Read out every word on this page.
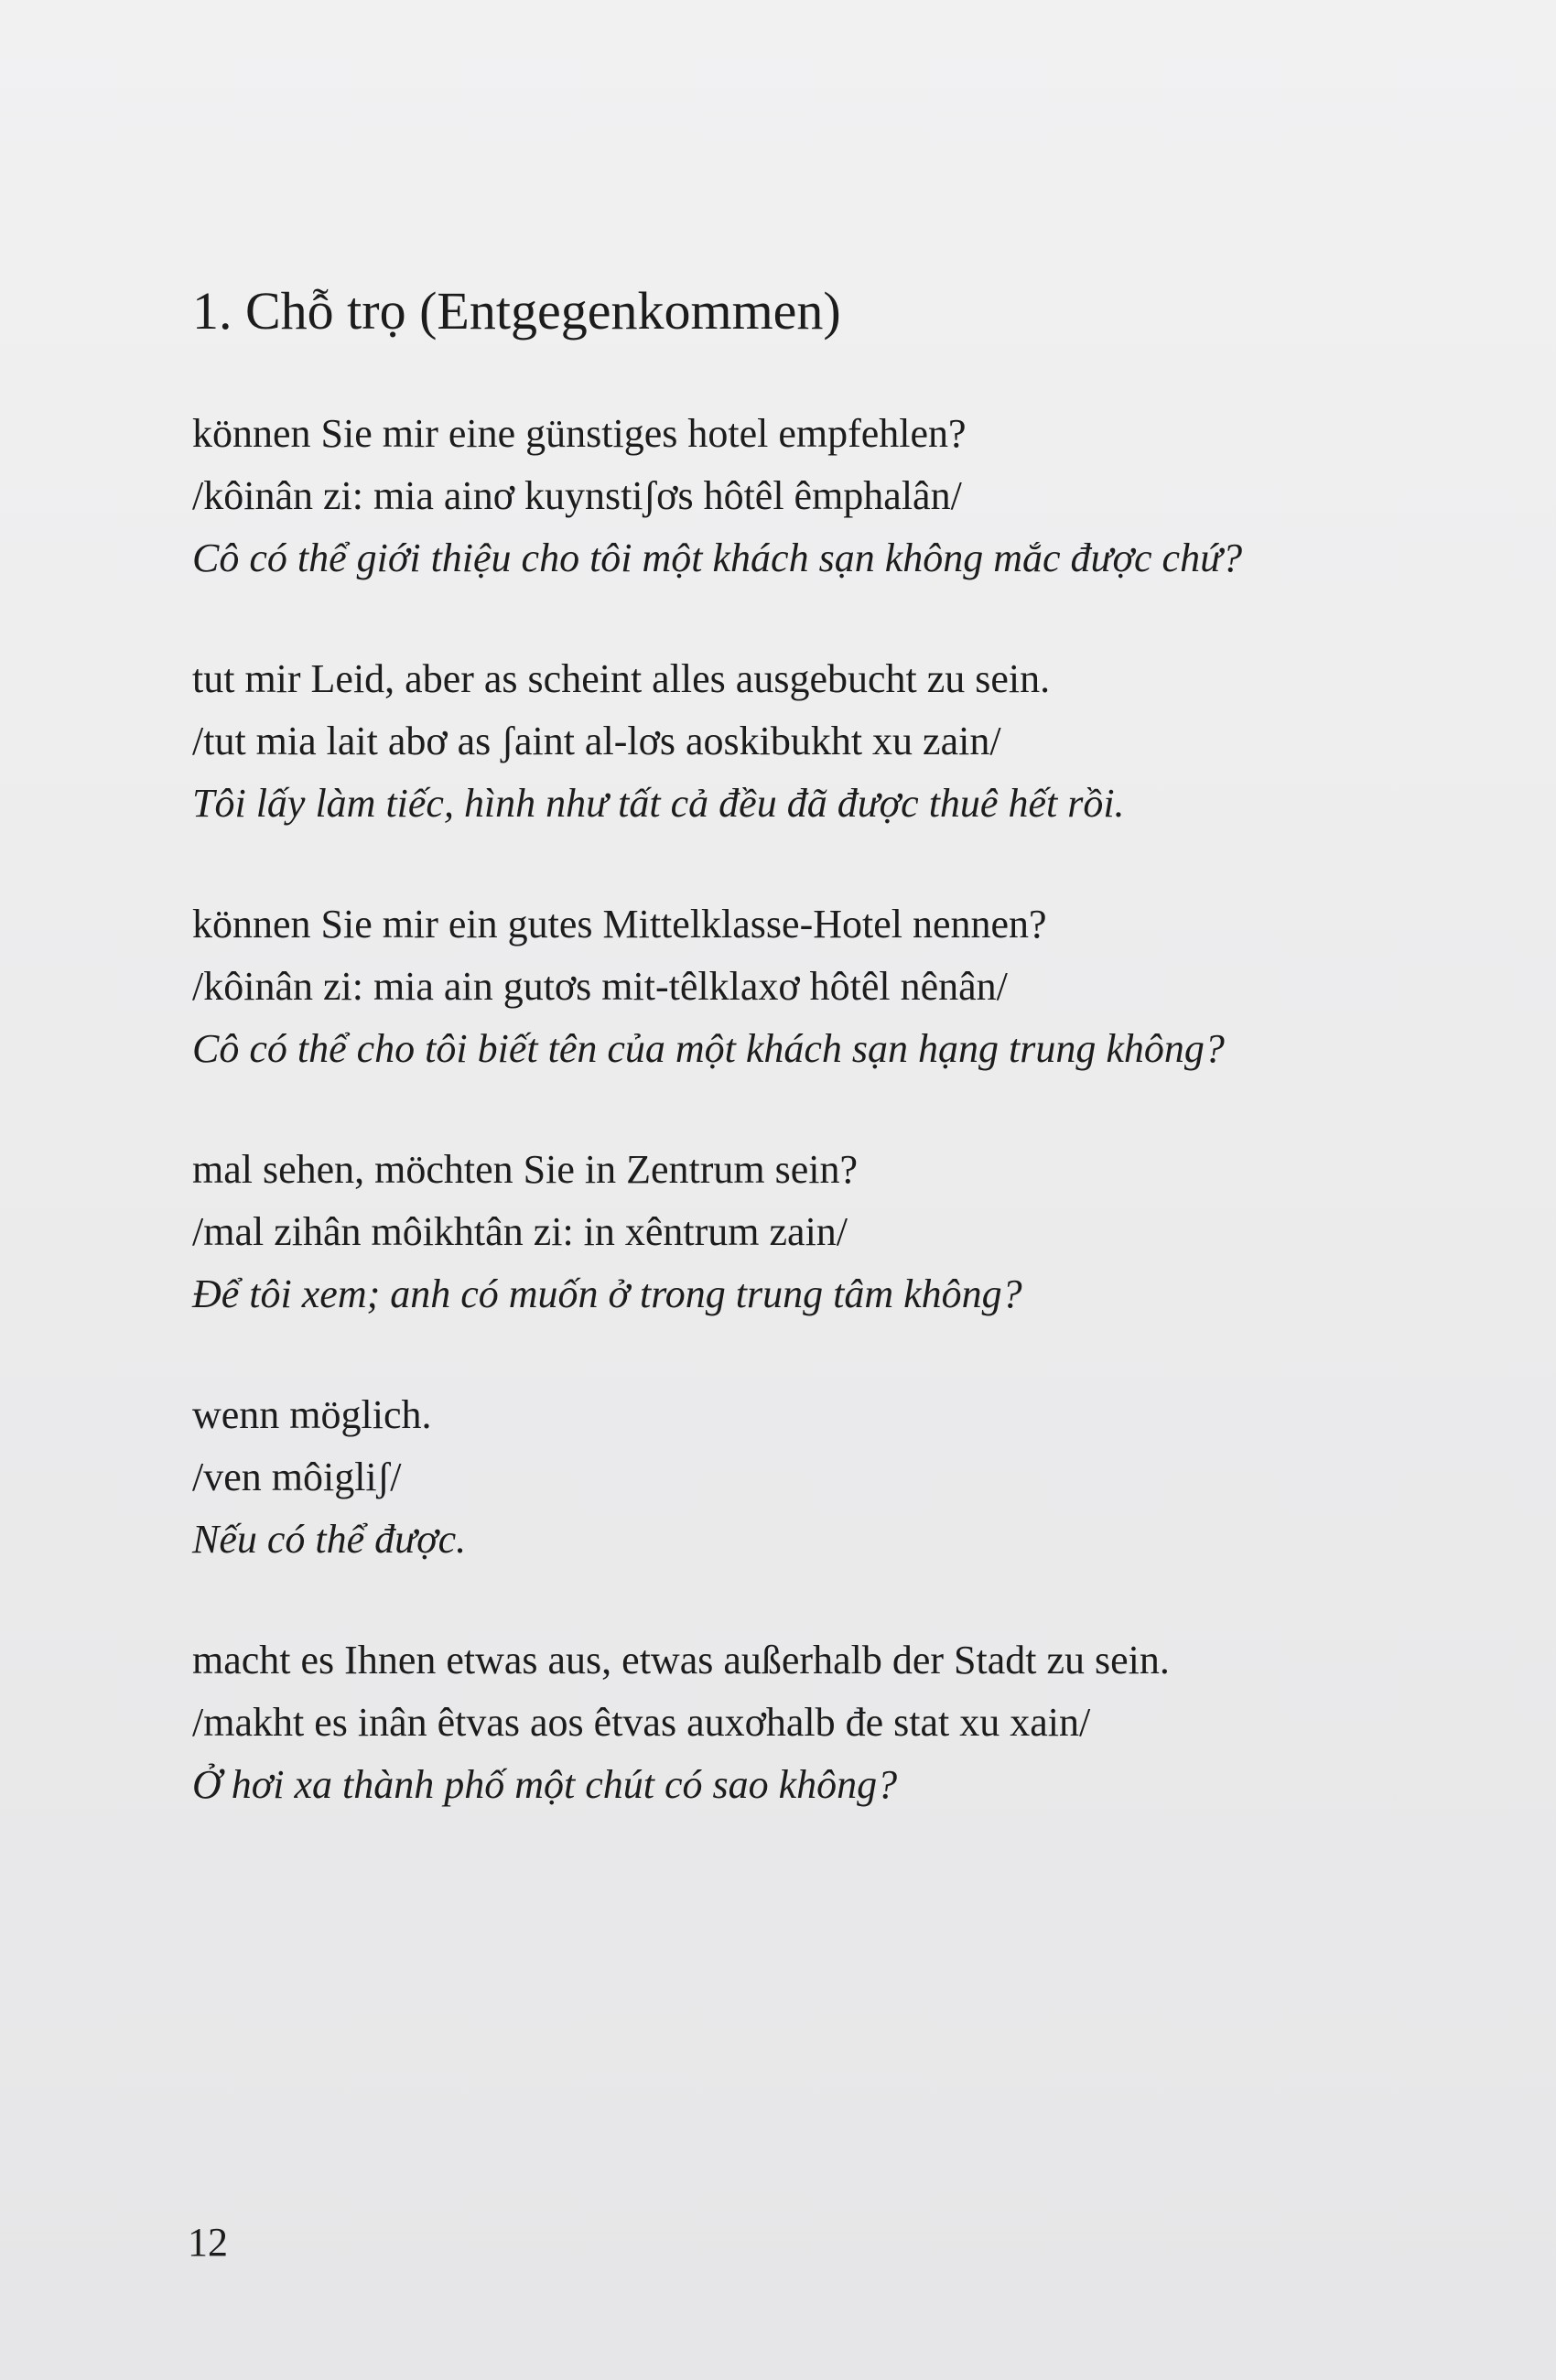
1. Chỗ trọ (Entgegenkommen)

können Sie mir eine günstiges hotel empfehlen?

/kôinân zi: mia ainơ kuynstiʃơs hôtêl êmphalân/

Cô có thể giới thiệu cho tôi một khách sạn không mắc được chứ?

tut mir Leid, aber as scheint alles ausgebucht zu sein.

/tut mia lait abơ as ʃaint al-lơs aoskibukht xu zain/

Tôi lấy làm tiếc, hình như tất cả đều đã được thuê hết rồi.

können Sie mir ein gutes Mittelklasse-Hotel nennen?

/kôinân zi: mia ain gutơs mit-têlklaxơ hôtêl nênân/

Cô có thể cho tôi biết tên của một khách sạn hạng trung không?

mal sehen, möchten Sie in Zentrum sein?

/mal zihân môikhtân zi: in xêntrum zain/

Để tôi xem; anh có muốn ở trong trung tâm không?

wenn möglich.

/ven môigliʃ/

Nếu có thể được.

macht es Ihnen etwas aus, etwas außerhalb der Stadt zu sein.

/makht es inân êtvas aos êtvas auxơhalb đe stat xu xain/

Ở hơi xa thành phố một chút có sao không?

12
